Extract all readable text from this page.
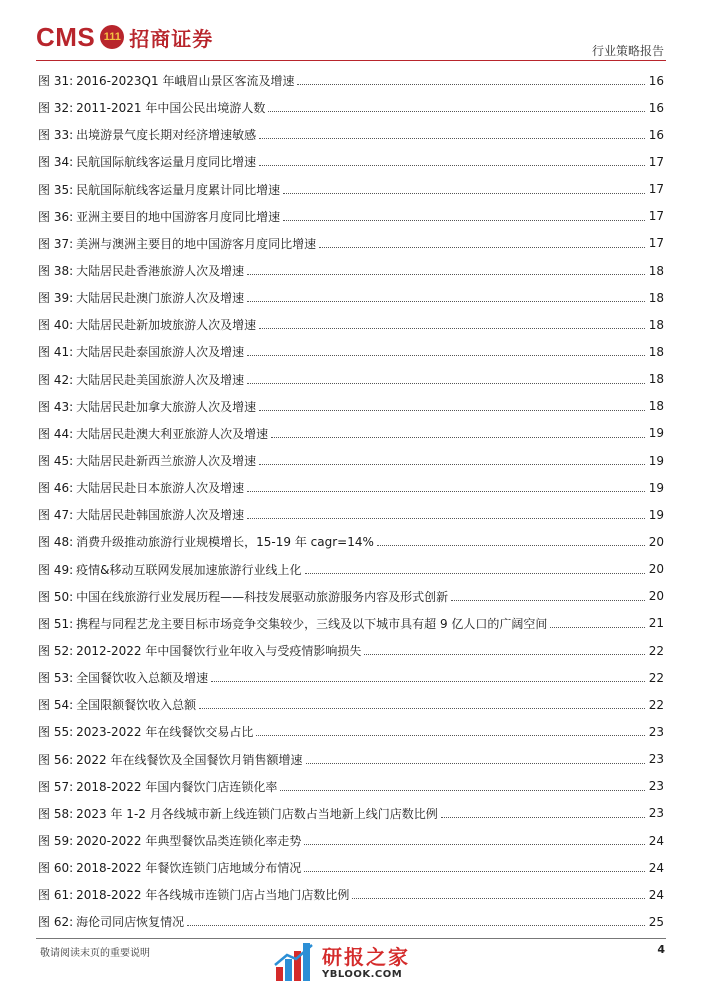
CMS 111 招商证券
行业策略报告
图 31: 2016-2023Q1 年峨眉山景区客流及增速	16
图 32: 2011-2021 年中国公民出境游人数	16
图 33: 出境游景气度长期对经济增速敏感	16
图 34: 民航国际航线客运量月度同比增速	17
图 35: 民航国际航线客运量月度累计同比增速	17
图 36: 亚洲主要目的地中国游客月度同比增速	17
图 37: 美洲与澳洲主要目的地中国游客月度同比增速	17
图 38: 大陆居民赴香港旅游人次及增速	18
图 39: 大陆居民赴澳门旅游人次及增速	18
图 40: 大陆居民赴新加坡旅游人次及增速	18
图 41: 大陆居民赴泰国旅游人次及增速	18
图 42: 大陆居民赴美国旅游人次及增速	18
图 43: 大陆居民赴加拿大旅游人次及增速	18
图 44: 大陆居民赴澳大利亚旅游人次及增速	19
图 45: 大陆居民赴新西兰旅游人次及增速	19
图 46: 大陆居民赴日本旅游人次及增速	19
图 47: 大陆居民赴韩国旅游人次及增速	19
图 48: 消费升级推动旅游行业规模增长，15-19 年 cagr=14%	20
图 49: 疫情&移动互联网发展加速旅游行业线上化	20
图 50: 中国在线旅游行业发展历程——科技发展驱动旅游服务内容及形式创新	20
图 51: 携程与同程艺龙主要目标市场竞争交集较少，三线及以下城市具有超 9 亿人口的广阔空间	21
图 52: 2012-2022 年中国餐饮行业年收入与受疫情影响损失	22
图 53: 全国餐饮收入总额及增速	22
图 54: 全国限额餐饮收入总额	22
图 55: 2023-2022 年在线餐饮交易占比	23
图 56: 2022 年在线餐饮及全国餐饮月销售额增速	23
图 57: 2018-2022 年国内餐饮门店连锁化率	23
图 58: 2023 年 1-2 月各线城市新上线连锁门店数占当地新上线门店数比例	23
图 59: 2020-2022 年典型餐饮品类连锁化率走势	24
图 60: 2018-2022 年餐饮连锁门店地域分布情况	24
图 61: 2018-2022 年各线城市连锁门店占当地门店数比例	24
图 62: 海伦司同店恢复情况	25
敬请阅读末页的重要说明	研报之家
YBLOOK.COM
4
